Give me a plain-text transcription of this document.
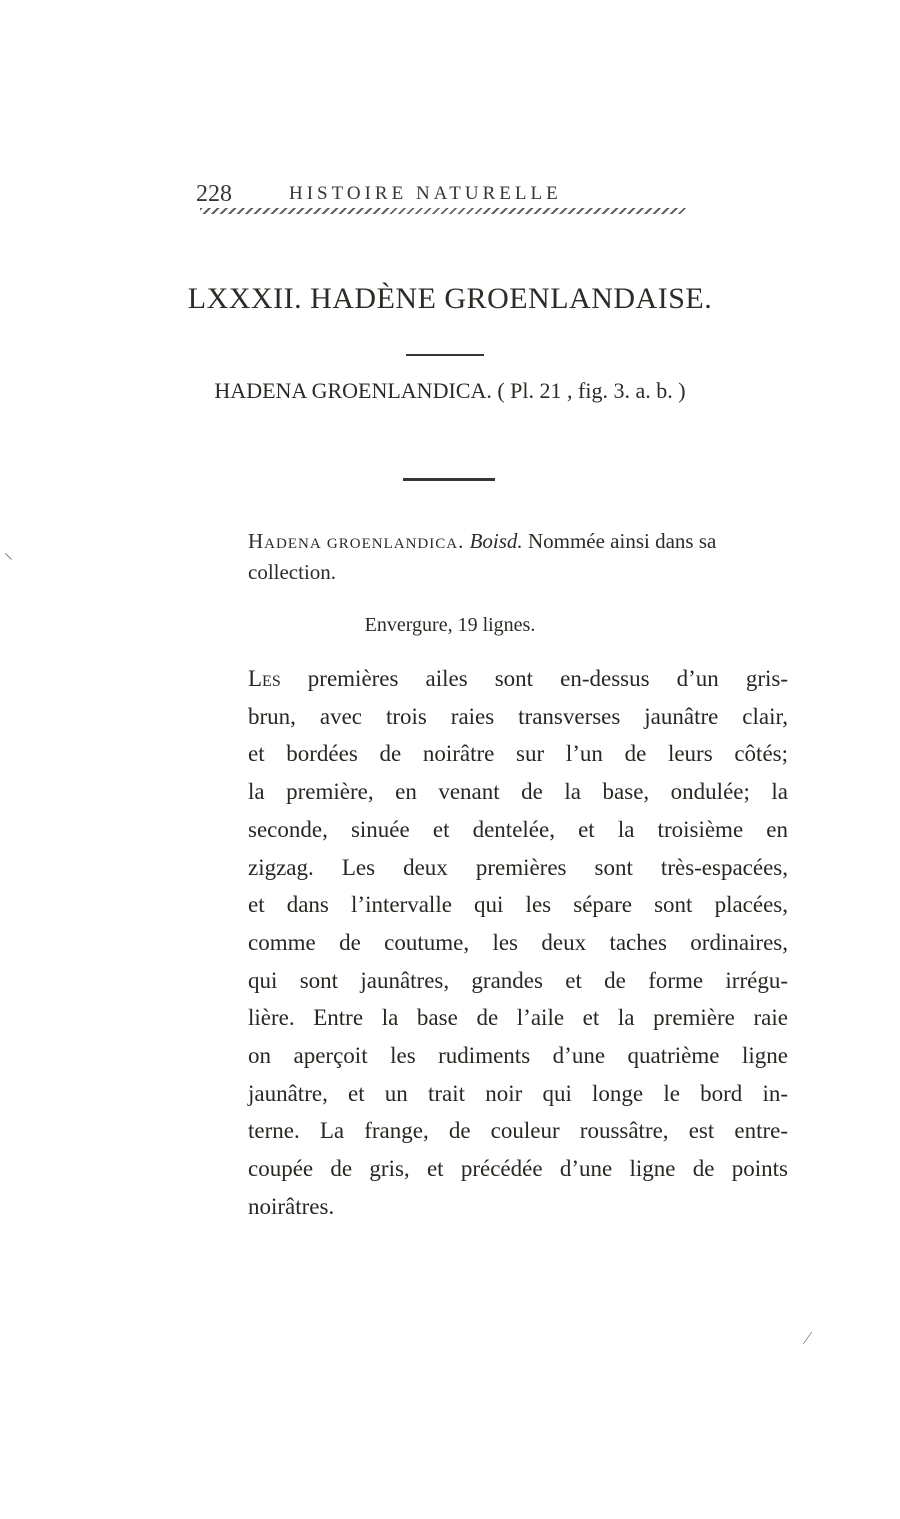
228	HISTOIRE NATURELLE
LXXXII. HADÈNE GROENLANDAISE.
HADENA GROENLANDICA. ( Pl. 21 , fig. 3. a. b. )
Hadena groenlandica. Boisd. Nommée ainsi dans sa
collection.
Envergure, 19 lignes.
Les premières ailes sont en-dessus d’un gris-
brun, avec trois raies transverses jaunâtre clair,
et bordées de noirâtre sur l’un de leurs côtés;
la première, en venant de la base, ondulée; la
seconde, sinuée et dentelée, et la troisième en
zigzag. Les deux premières sont très-espacées,
et dans l’intervalle qui les sépare sont placées,
comme de coutume, les deux taches ordinaires,
qui sont jaunâtres, grandes et de forme irrégu-
lière. Entre la base de l’aile et la première raie
on aperçoit les rudiments d’une quatrième ligne
jaunâtre, et un trait noir qui longe le bord in-
terne. La frange, de couleur roussâtre, est entre-
coupée de gris, et précédée d’une ligne de points
noirâtres.
⸌
⁄
